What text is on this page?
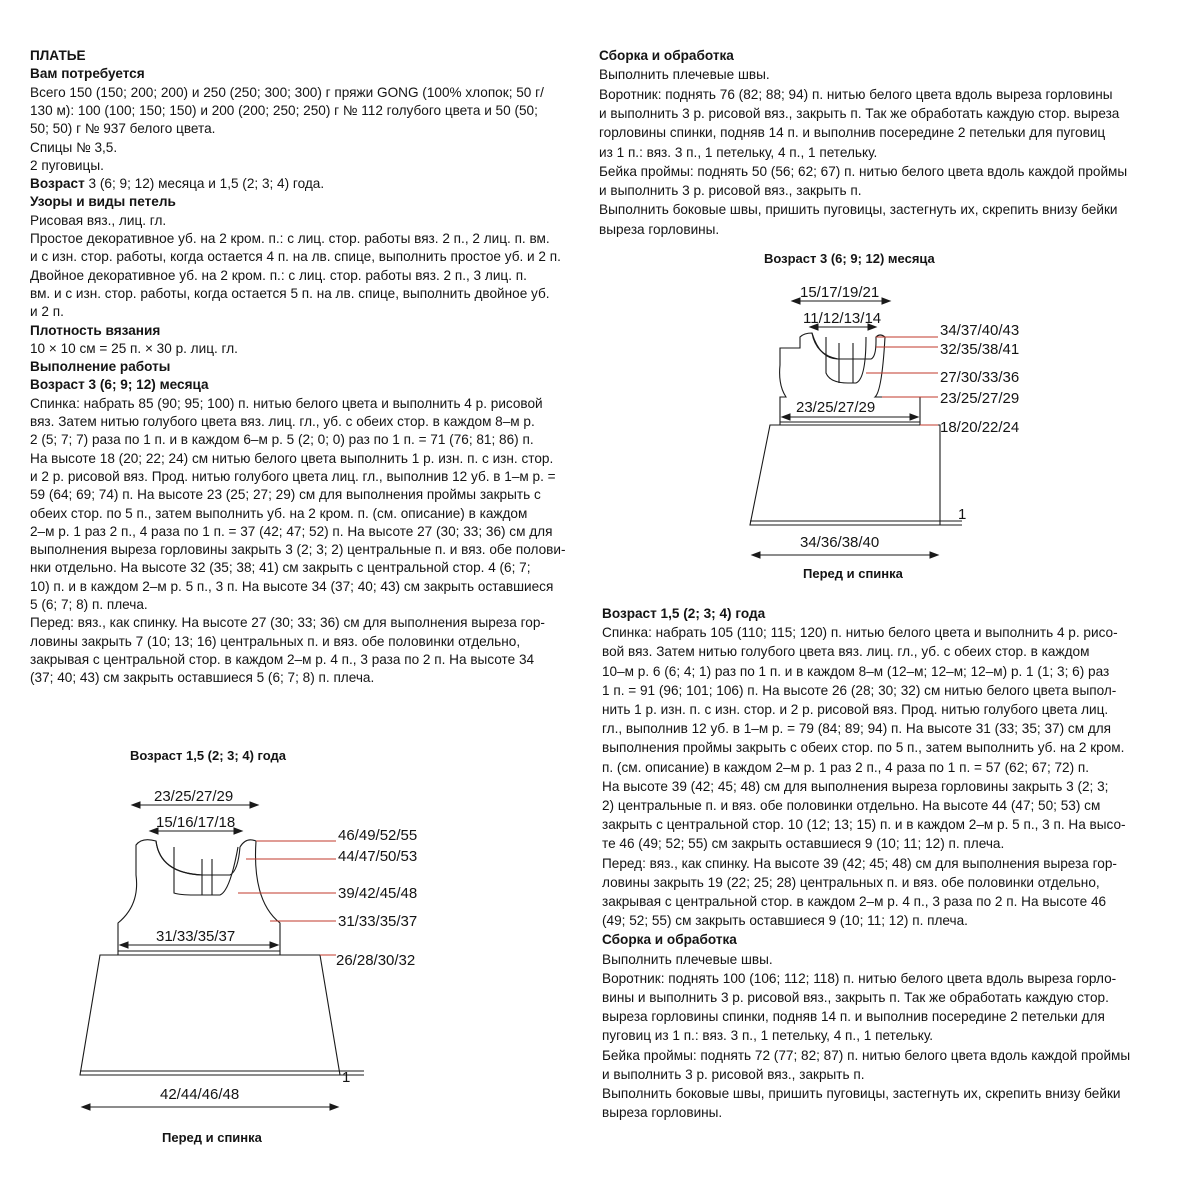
ПЛАТЬЕ
Вам потребуется
Всего 150 (150; 200; 200) и 250 (250; 300; 300) г пряжи GONG (100% хлопок; 50 г/
130 м): 100 (100; 150; 150) и 200 (200; 250; 250) г № 112 голубого цвета и 50 (50;
50; 50) г № 937 белого цвета.
Спицы № 3,5.
2 пуговицы.
Возраст 3 (6; 9; 12) месяца и 1,5 (2; 3; 4) года.
Узоры и виды петель
Рисовая вяз., лиц. гл.
Простое декоративное уб. на 2 кром. п.: с лиц. стор. работы вяз. 2 п., 2 лиц. п. вм.
и с изн. стор. работы, когда остается 4 п. на лв. спице, выполнить простое уб. и 2 п.
Двойное декоративное уб. на 2 кром. п.: с лиц. стор. работы вяз. 2 п., 3 лиц. п.
вм. и с изн. стор. работы, когда остается 5 п. на лв. спице, выполнить двойное уб.
и 2 п.
Плотность вязания
10 × 10 см = 25 п. × 30 р. лиц. гл.
Выполнение работы
Возраст 3 (6; 9; 12) месяца
Спинка: набрать 85 (90; 95; 100) п. нитью белого цвета и выполнить 4 р. рисовой
вяз. Затем нитью голубого цвета вяз. лиц. гл., уб. с обеих стор. в каждом 8–м р.
2 (5; 7; 7) раза по 1 п. и в каждом 6–м р. 5 (2; 0; 0) раз по 1 п. = 71 (76; 81; 86) п.
На высоте 18 (20; 22; 24) см нитью белого цвета выполнить 1 р. изн. п. с изн. стор.
и 2 р. рисовой вяз. Прод. нитью голубого цвета лиц. гл., выполнив 12 уб. в 1–м р. =
59 (64; 69; 74) п. На высоте 23 (25; 27; 29) см для выполнения проймы закрыть с
обеих стор. по 5 п., затем выполнить уб. на 2 кром. п. (см. описание) в каждом
2–м р. 1 раз 2 п., 4 раза по 1 п. = 37 (42; 47; 52) п. На высоте 27 (30; 33; 36) см для
выполнения выреза горловины закрыть 3 (2; 3; 2) центральные п. и вяз. обе полови-
нки отдельно. На высоте 32 (35; 38; 41) см закрыть с центральной стор. 4 (6; 7;
10) п. и в каждом 2–м р. 5 п., 3 п. На высоте 34 (37; 40; 43) см закрыть оставшиеся
5 (6; 7; 8) п. плеча.
Перед: вяз., как спинку. На высоте 27 (30; 33; 36) см для выполнения выреза гор-
ловины закрыть 7 (10; 13; 16) центральных п. и вяз. обе половинки отдельно,
закрывая с центральной стор. в каждом 2–м р. 4 п., 3 раза по 2 п. На высоте 34
(37; 40; 43) см закрыть оставшиеся 5 (6; 7; 8) п. плеча.
Сборка и обработка
Выполнить плечевые швы.
Воротник: поднять 76 (82; 88; 94) п. нитью белого цвета вдоль выреза горловины
и выполнить 3 р. рисовой вяз., закрыть п. Так же обработать каждую стор. выреза
горловины спинки, подняв 14 п. и выполнив посередине 2 петельки для пуговиц
из 1 п.: вяз. 3 п., 1 петельку, 4 п., 1 петельку.
Бейка проймы: поднять 50 (56; 62; 67) п. нитью белого цвета вдоль каждой проймы
и выполнить 3 р. рисовой вяз., закрыть п.
Выполнить боковые швы, пришить пуговицы, застегнуть их, скрепить внизу бейки
выреза горловины.
Возраст 1,5 (2; 3; 4) года
Спинка: набрать 105 (110; 115; 120) п. нитью белого цвета и выполнить 4 р. рисо-
вой вяз. Затем нитью голубого цвета вяз. лиц. гл., уб. с обеих стор. в каждом
10–м р. 6 (6; 4; 1) раз по 1 п. и в каждом 8–м (12–м; 12–м; 12–м) р. 1 (1; 3; 6) раз
1 п. = 91 (96; 101; 106) п. На высоте 26 (28; 30; 32) см нитью белого цвета выпол-
нить 1 р. изн. п. с изн. стор. и 2 р. рисовой вяз. Прод. нитью голубого цвета лиц.
гл., выполнив 12 уб. в 1–м р. = 79 (84; 89; 94) п. На высоте 31 (33; 35; 37) см для
выполнения проймы закрыть с обеих стор. по 5 п., затем выполнить уб. на 2 кром.
п. (см. описание) в каждом 2–м р. 1 раз 2 п., 4 раза по 1 п. = 57 (62; 67; 72) п.
На высоте 39 (42; 45; 48) см для выполнения выреза горловины закрыть 3 (2; 3;
2) центральные п. и вяз. обе половинки отдельно. На высоте 44 (47; 50; 53) см
закрыть с центральной стор. 10 (12; 13; 15) п. и в каждом 2–м р. 5 п., 3 п. На высо-
те 46 (49; 52; 55) см закрыть оставшиеся 9 (10; 11; 12) п. плеча.
Перед: вяз., как спинку. На высоте 39 (42; 45; 48) см для выполнения выреза гор-
ловины закрыть 19 (22; 25; 28) центральных п. и вяз. обе половинки отдельно,
закрывая с центральной стор. в каждом 2–м р. 4 п., 3 раза по 2 п. На высоте 46
(49; 52; 55) см закрыть оставшиеся 9 (10; 11; 12) п. плеча.
Сборка и обработка
Выполнить плечевые швы.
Воротник: поднять 100 (106; 112; 118) п. нитью белого цвета вдоль выреза горло-
вины и выполнить 3 р. рисовой вяз., закрыть п. Так же обработать каждую стор.
выреза горловины спинки, подняв 14 п. и выполнив посередине 2 петельки для
пуговиц из 1 п.: вяз. 3 п., 1 петельку, 4 п., 1 петельку.
Бейка проймы: поднять 72 (77; 82; 87) п. нитью белого цвета вдоль каждой проймы
и выполнить 3 р. рисовой вяз., закрыть п.
Выполнить боковые швы, пришить пуговицы, застегнуть их, скрепить внизу бейки
выреза горловины.
Возраст 3 (6; 9; 12) месяца
15/17/19/21
11/12/13/14
23/25/27/29
34/36/38/40
34/37/40/43
32/35/38/41
27/30/33/36
23/25/27/29
18/20/22/24
1
Перед и спинка
Возраст 1,5 (2; 3; 4) года
23/25/27/29
15/16/17/18
31/33/35/37
42/44/46/48
46/49/52/55
44/47/50/53
39/42/45/48
31/33/35/37
26/28/30/32
1
Перед и спинка
